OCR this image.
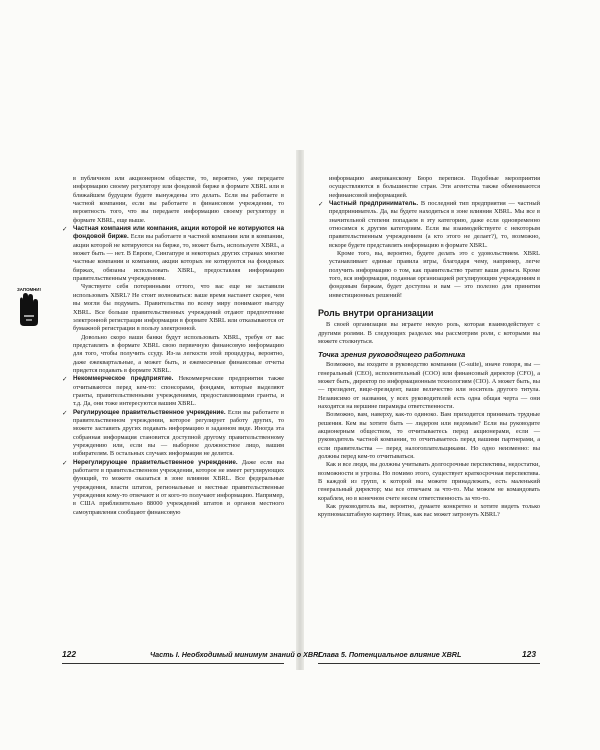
ЗАПОМНИ!

в публичном или акционерном обществе, то, вероятно, уже передаете информацию своему регулятору или фондовой бирже в формате XBRL или в ближайшем будущем будете вынуждены это делать. Если вы работаете в частной компании, если вы работаете в финансовом учреждении, то вероятность того, что вы передаете информацию своему регулятору в формате XBRL, еще выше.

✓ Частная компания или компания, акции которой не котируются на фондовой бирже. Если вы работаете в частной компании или в компании, акции которой не котируются на бирже, то, может быть, используете XBRL, а может быть — нет. В Европе, Сингапуре и некоторых других странах многие частные компании и компании, акции которых не котируются на фондовых биржах, обязаны использовать XBRL, предоставляя информацию правительственным учреждениям.

Чувствуете себя потерянными оттого, что вас еще не заставили использовать XBRL? Не стоит волноваться: ваше время настанет скорее, чем вы могли бы подумать. Правительства по всему миру понимают выгоду XBRL. Все больше правительственных учреждений отдают предпочтение электронной регистрации информации в формате XBRL или отказываются от бумажной регистрации в пользу электронной.

Довольно скоро ваши банки будут использовать XBRL, требуя от вас представлять в формате XBRL свою первичную финансовую информацию для того, чтобы получить ссуду. Из-за легкости этой процедуры, вероятно, даже ежеквартальные, а может быть, и ежемесячные финансовые отчеты придется подавать в формате XBRL.

✓ Некоммерческое предприятие. Некоммерческие предприятия также отчитываются перед кем-то: спонсорами, фондами, которые выделяют гранты, правительственными учреждениями, предоставляющими гранты, и т.д. Да, они тоже интересуются вашим XBRL.

✓ Регулирующее правительственное учреждение. Если вы работаете в правительственном учреждении, которое регулирует работу других, то можете заставить других подавать информацию в заданном виде. Иногда эта собранная информация становится доступной другому правительственному учреждению или, если вы — выборное должностное лицо, вашим избирателям. В остальных случаях информация не делится.

✓ Нерегулирующее правительственное учреждение. Даже если вы работаете в правительственном учреждении, которое не имеет регулирующих функций, то можете оказаться в зоне влияния XBRL. Все федеральные учреждения, власти штатов, региональные и местные правительственные учреждения кому-то отвечают и от кого-то получают информацию. Например, в США приблизительно 88000 учреждений штатов и органов местного самоуправления сообщают финансовую

информацию американскому Бюро переписи. Подобные мероприятия осуществляются в большинстве стран. Эти агентства также обмениваются нефинансовой информацией.

✓ Частный предприниматель. В последний тип предприятия — частный предприниматель. Да, вы будете находиться в зоне влияния XBRL. Мы все в значительной степени попадаем в эту категорию, даже если одновременно относимся к другим категориям. Если вы взаимодействуете с некоторым правительственным учреждением (а кто этого не делает?), то, возможно, вскоре будете представлять информацию в формате XBRL.

Кроме того, вы, вероятно, будете делать это с удовольствием. XBRL устанавливает единые правила игры, благодаря чему, например, легче получить информацию о том, как правительство тратит ваши деньги. Кроме того, вся информация, поданная организацией регулирующим учреждениям в фондовым биржам, будет доступна и вам — это полезно для принятия инвестиционных решений!

Роль внутри организации

В своей организации вы играете некую роль, которая взаимодействует с другими ролями. В следующих разделах мы рассмотрим роли, с которыми вы можете столкнуться.

Точка зрения руководящего работника

Возможно, вы входите в руководство компании (C-suite), иначе говоря, вы — генеральный (CEO), исполнительный (COO) или финансовый директор (CFO), а может быть, директор по информационным технологиям (CIO). А может быть, вы — президент, вице-президент, ваше величество или носитель другого титула. Независимо от названия, у всех руководителей есть одна общая черта — они находятся на вершине пирамиды ответственности.

Возможно, вам, наверху, как-то одиноко. Вам приходится принимать трудные решения. Кем вы хотите быть — лидером или ведомым? Если вы руководите акционерным обществом, то отчитываетесь перед акционерами, если — руководитель частной компании, то отчитываетесь перед вашими партнерами, а если правительства — перед налогоплательщиками. Но одно неизменно: вы должны перед кем-то отчитываться.

Как и все люди, вы должны учитывать долгосрочные перспективы, недостатки, возможности и угрозы. Но помимо этого, существует краткосрочная перспектива. В каждой из групп, к которой вы можете принадлежать, есть маленький генеральный директор; мы все отвечаем за что-то. Мы можем не командовать кораблем, но в конечном счете несем ответственность за что-то.

Как руководитель вы, вероятно, думаете конкретно и хотите видеть только крупномасштабную картину. Итак, как вас может затронуть XBRL?

122	Часть I. Необходимый минимум знаний о XBRL
Глава 5. Потенциальное влияние XBRL	123
